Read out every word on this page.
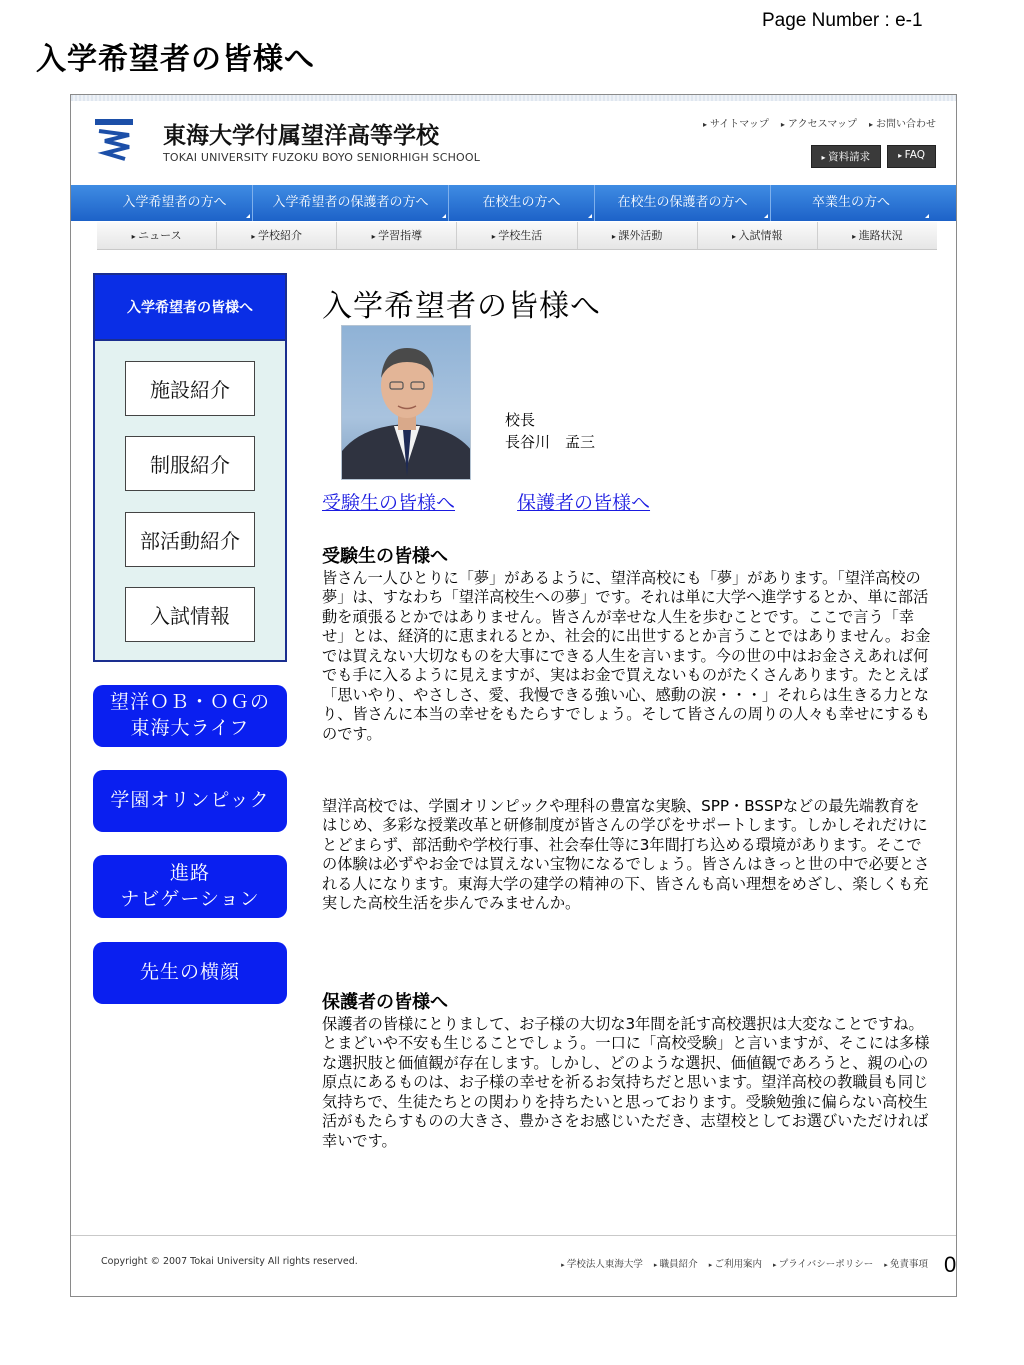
Page Number : e-1
入学希望者の皆様へ
東海大学付属望洋高等学校
TOKAI UNIVERSITY FUZOKU BOYO SENIORHIGH SCHOOL
▸ サイトマップ	▸ アクセスマップ	▸ お問い合わせ
▸ 資料請求	▸ FAQ
入学希望者の方へ	入学希望者の保護者の方へ	在校生の方へ	在校生の保護者の方へ	卒業生の方へ
▸ ニュース	▸ 学校紹介	▸ 学習指導	▸ 学校生活	▸ 課外活動	▸ 入試情報	▸ 進路状況
入学希望者の皆様へ
施設紹介
制服紹介
部活動紹介
入試情報
望洋ＯＢ・ＯＧの
東海大ライフ
学園オリンピック
進路
ナビゲーション
先生の横顔
入学希望者の皆様へ
校長
長谷川　孟三
受験生の皆様へ	保護者の皆様へ
受験生の皆様へ
皆さん一人ひとりに「夢」があるように、望洋高校にも「夢」があります。「望洋高校の夢」は、すなわち「望洋高校生への夢」です。それは単に大学へ進学するとか、単に部活動を頑張るとかではありません。皆さんが幸せな人生を歩むことです。ここで言う「幸せ」とは、経済的に恵まれるとか、社会的に出世するとか言うことではありません。お金では買えない大切なものを大事にできる人生を言います。今の世の中はお金さえあれば何でも手に入るように見えますが、実はお金で買えないものがたくさんあります。たとえば「思いやり、やさしさ、愛、我慢できる強い心、感動の涙・・・」それらは生きる力となり、皆さんに本当の幸せをもたらすでしょう。そして皆さんの周りの人々も幸せにするものです。
望洋高校では、学園オリンピックや理科の豊富な実験、SPP・BSSPなどの最先端教育をはじめ、多彩な授業改革と研修制度が皆さんの学びをサポートします。しかしそれだけにとどまらず、部活動や学校行事、社会奉仕等に3年間打ち込める環境があります。そこでの体験は必ずやお金では買えない宝物になるでしょう。皆さんはきっと世の中で必要とされる人になります。東海大学の建学の精神の下、皆さんも高い理想をめざし、楽しくも充実した高校生活を歩んでみませんか。
保護者の皆様へ
保護者の皆様にとりまして、お子様の大切な3年間を託す高校選択は大変なことですね。とまどいや不安も生じることでしょう。一口に「高校受験」と言いますが、そこには多様な選択肢と価値観が存在します。しかし、どのような選択、価値観であろうと、親の心の原点にあるものは、お子様の幸せを祈るお気持ちだと思います。望洋高校の教職員も同じ気持ちで、生徒たちとの関わりを持ちたいと思っております。受験勉強に偏らない高校生活がもたらすものの大きさ、豊かさをお感じいただき、志望校としてお選びいただければ幸いです。
Copyright © 2007 Tokai University All rights reserved.	▸ 学校法人東海大学	▸ 職員紹介	▸ ご利用案内	▸ プライバシーポリシー	▸ 免責事項 0
